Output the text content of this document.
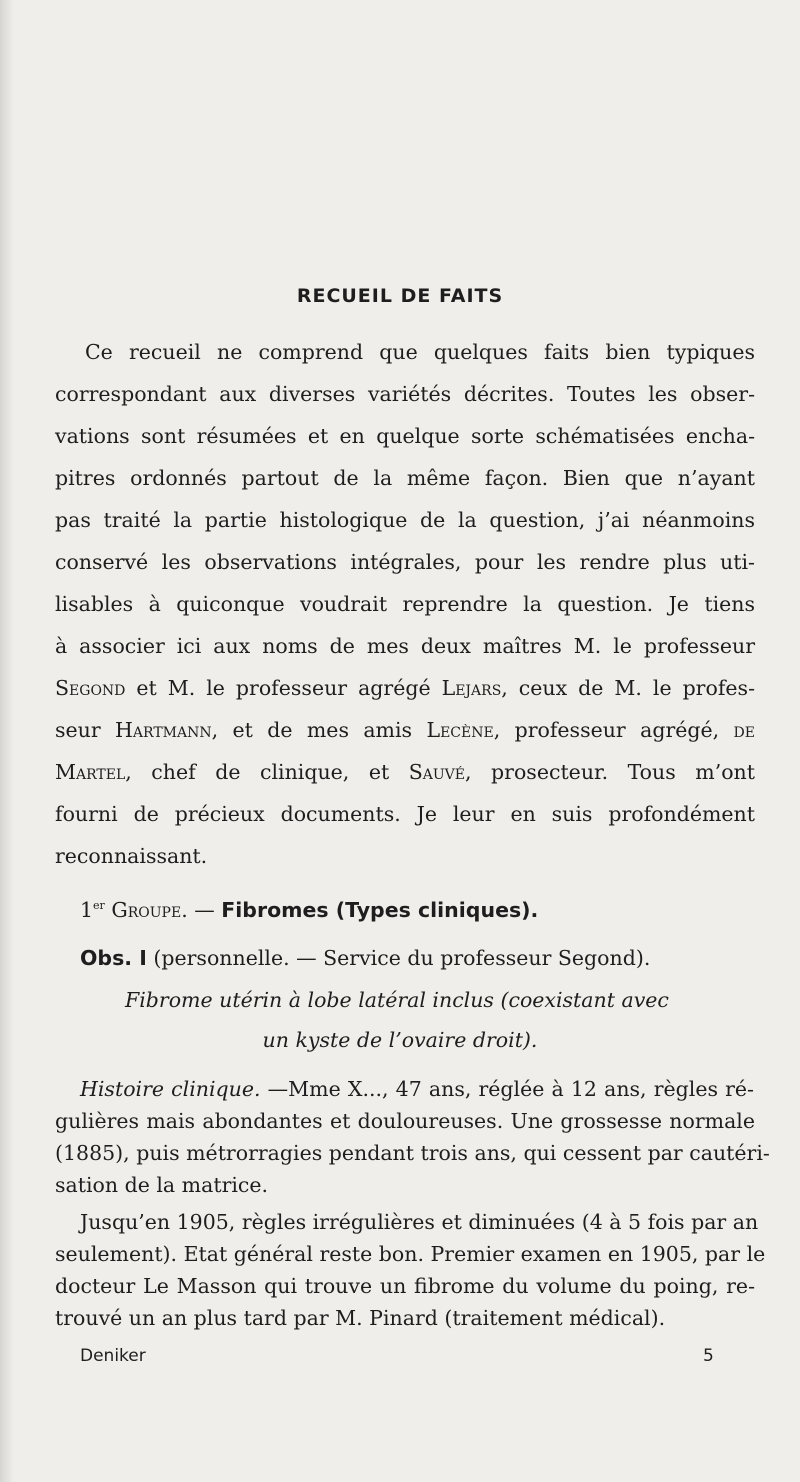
RECUEIL DE FAITS
Ce recueil ne comprend que quelques faits bien typiques
correspondant aux diverses variétés décrites. Toutes les obser-
vations sont résumées et en quelque sorte schématisées encha-
pitres ordonnés partout de la même façon. Bien que n’ayant
pas traité la partie histologique de la question, j’ai néanmoins
conservé les observations intégrales, pour les rendre plus uti-
lisables à quiconque voudrait reprendre la question. Je tiens
à associer ici aux noms de mes deux maîtres M. le professeur
Segond et M. le professeur agrégé Lejars, ceux de M. le profes-
seur Hartmann, et de mes amis Lecène, professeur agrégé, de
Martel, chef de clinique, et Sauvé, prosecteur. Tous m’ont
fourni de précieux documents. Je leur en suis profondément
reconnaissant.
1er Groupe. — Fibromes (Types cliniques).
Obs. I (personnelle. — Service du professeur Segond).
Fibrome utérin à lobe latéral inclus (coexistant avec
un kyste de l’ovaire droit).
Histoire clinique. —Mme X..., 47 ans, réglée à 12 ans, règles ré-
gulières mais abondantes et douloureuses. Une grossesse normale
(1885), puis métrorragies pendant trois ans, qui cessent par cautéri-
sation de la matrice.
Jusqu’en 1905, règles irrégulières et diminuées (4 à 5 fois par an
seulement). Etat général reste bon. Premier examen en 1905, par le
docteur Le Masson qui trouve un fibrome du volume du poing, re-
trouvé un an plus tard par M. Pinard (traitement médical).
Deniker	5
